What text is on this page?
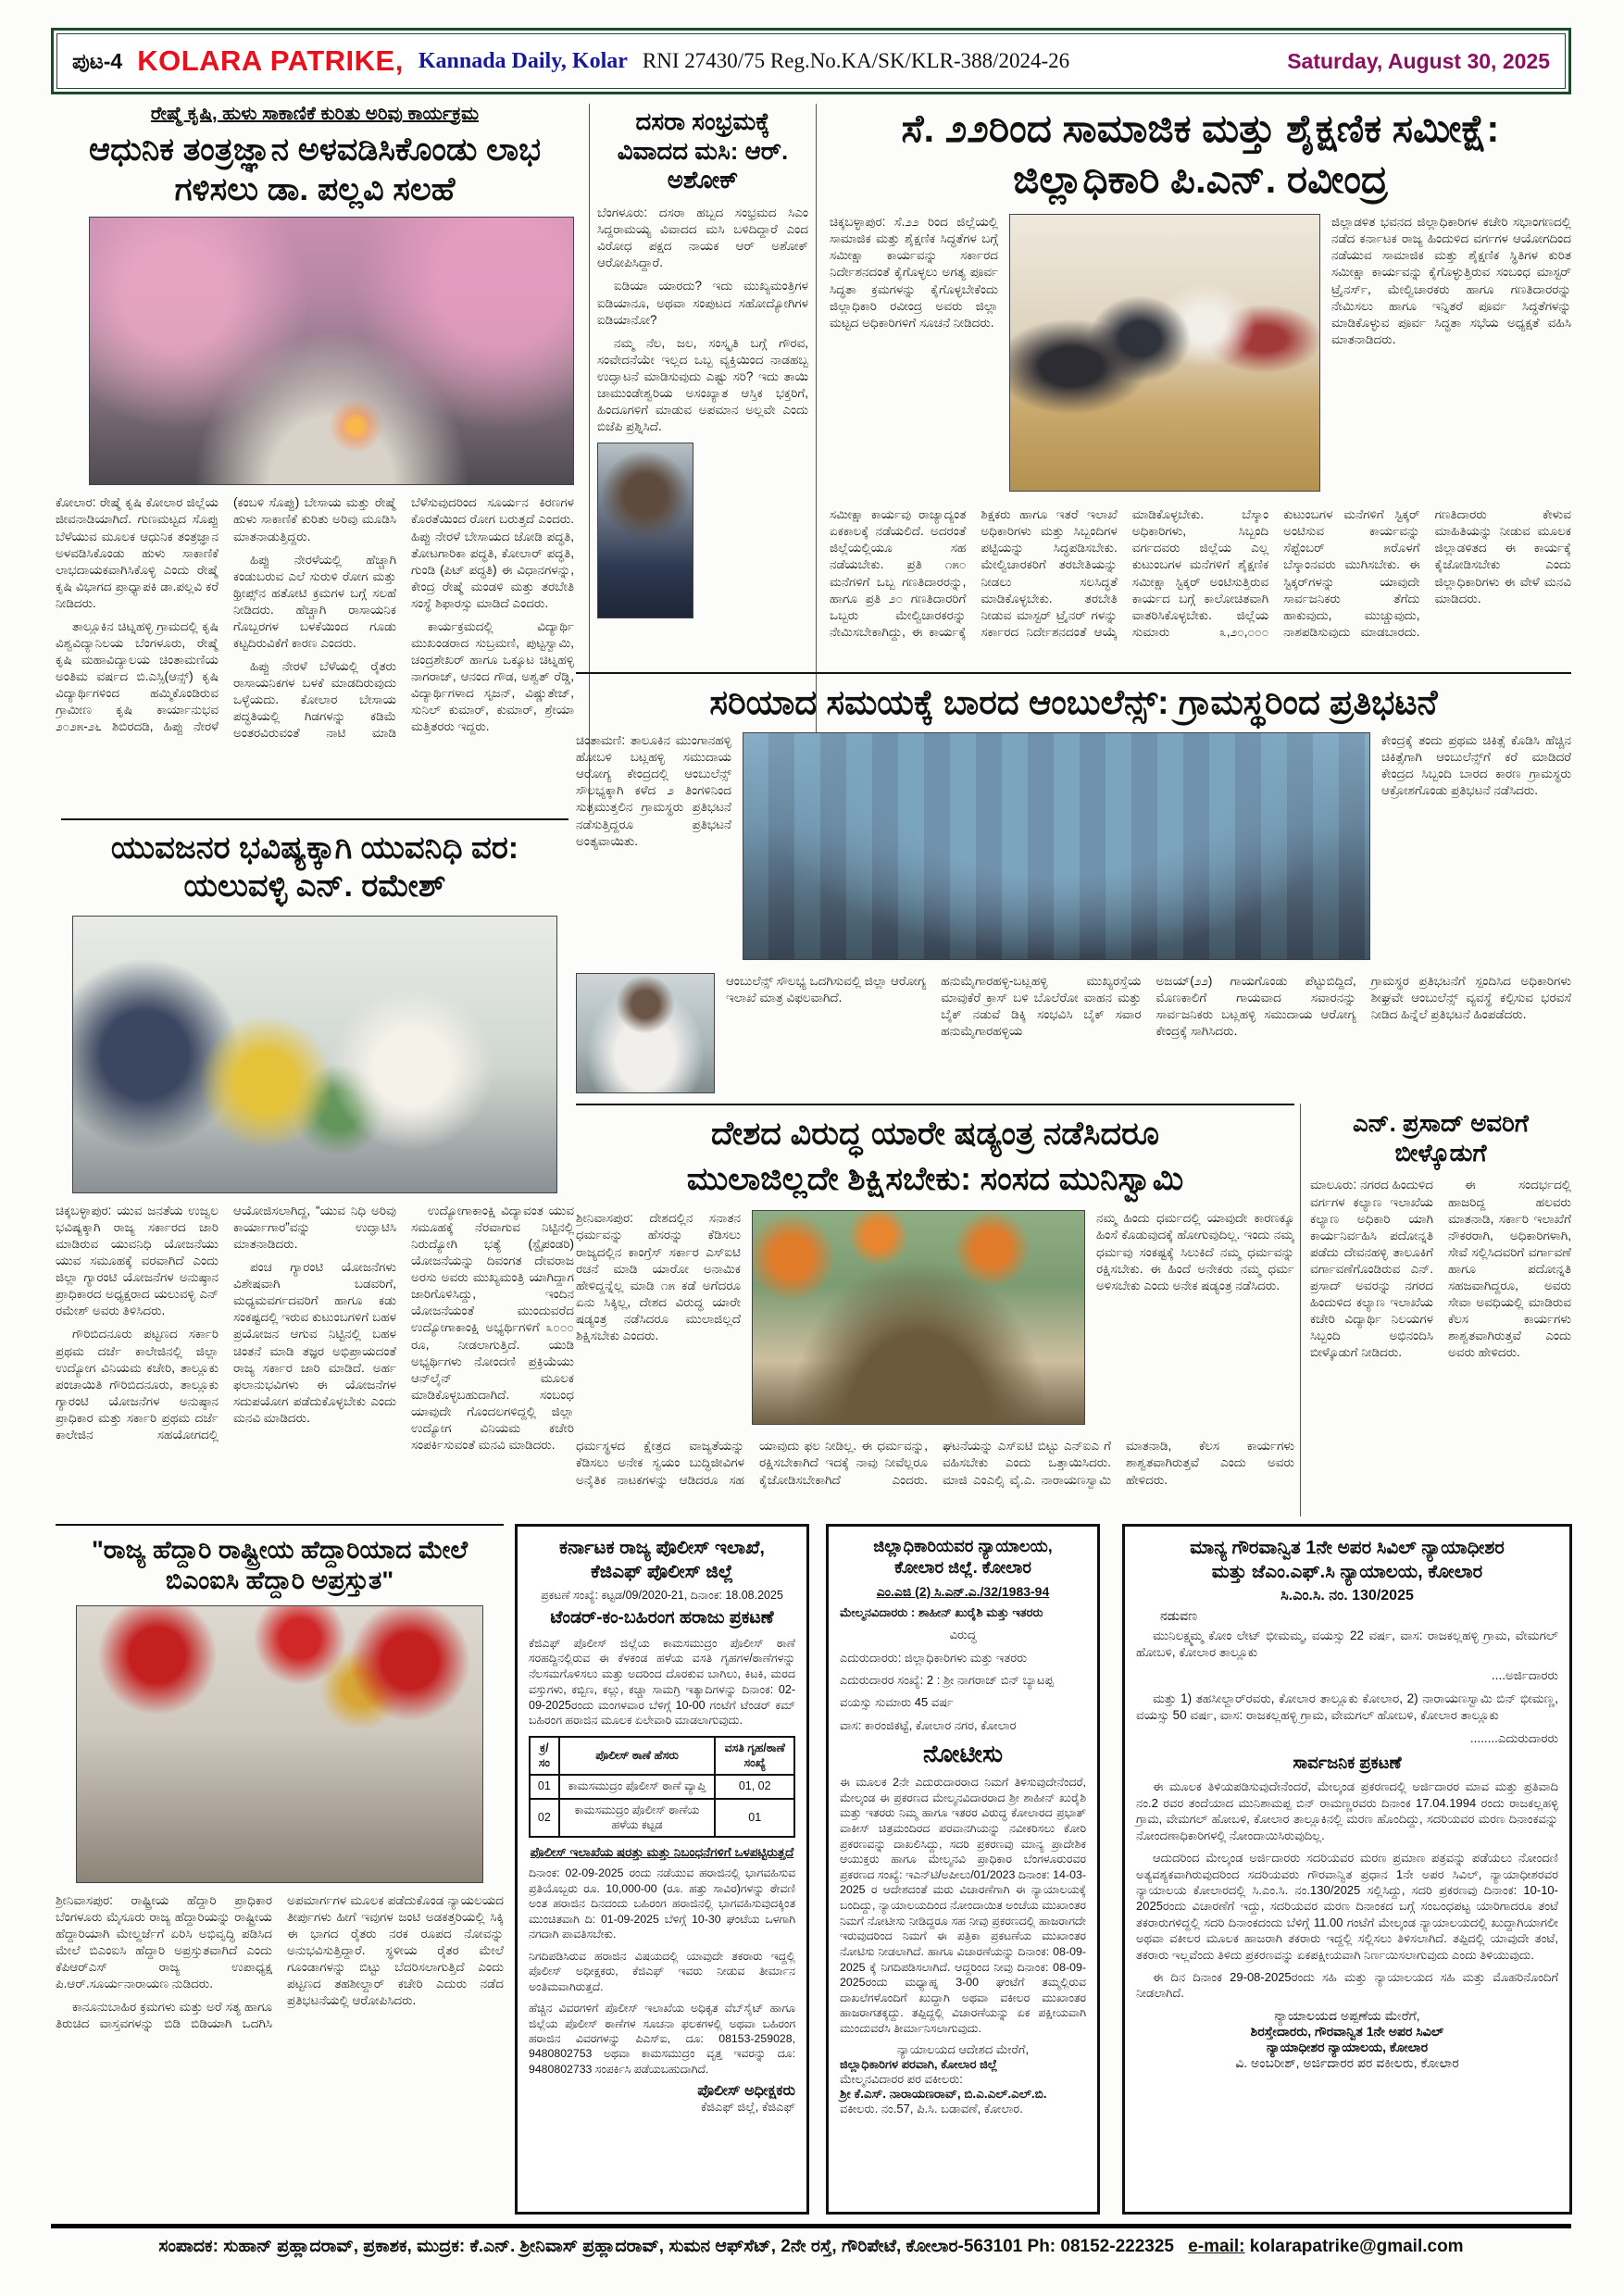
ಪುಟ-4 KOLARA PATRIKE, Kannada Daily, Kolar RNI 27430/75 Reg.No.KA/SK/KLR-388/2024-26	Saturday, August 30, 2025
ರೇಷ್ಮೆ ಕೃಷಿ, ಹುಳು ಸಾಕಾಣಿಕೆ ಕುರಿತು ಅರಿವು ಕಾರ್ಯಕ್ರಮ
ಆಧುನಿಕ ತಂತ್ರಜ್ಞಾನ ಅಳವಡಿಸಿಕೊಂಡು ಲಾಭ ಗಳಿಸಲು ಡಾ. ಪಲ್ಲವಿ ಸಲಹೆ

ಕೋಲಾರ: ರೇಷ್ಮೆ ಕೃಷಿ ಕೋಲಾರ ಜಿಲ್ಲೆಯ ಜೀವನಾಡಿಯಾಗಿದೆ. ಗುಣಮಟ್ಟದ ಸೊಪ್ಪು ಬೆಳೆಯುವ ಮೂಲಕ ಆಧುನಿಕ ತಂತ್ರಜ್ಞಾನ ಅಳವಡಿಸಿಕೊಂಡು ಹುಳು ಸಾಕಾಣಿಕೆ ಲಾಭದಾಯಕವಾಗಿಸಿಕೊಳ್ಳಿ ಎಂದು ರೇಷ್ಮೆ ಕೃಷಿ ವಿಭಾಗದ ಪ್ರಾಧ್ಯಾಪಕಿ ಡಾ.ಪಲ್ಲವಿ ಕರೆ ನೀಡಿದರು.

ತಾಲ್ಲೂಕಿನ ಚಿಟ್ನಹಳ್ಳಿ ಗ್ರಾಮದಲ್ಲಿ ಕೃಷಿ ವಿಶ್ವವಿದ್ಯಾನಿಲಯ ಬೆಂಗಳೂರು, ರೇಷ್ಮೆ ಕೃಷಿ ಮಹಾವಿದ್ಯಾಲಯ ಚಿಂತಾಮಣಿಯ ಅಂತಿಮ ವರ್ಷದ ಬಿ.ಎಸ್ಸಿ(ಆನ್ಸ್) ಕೃಷಿ ವಿದ್ಯಾರ್ಥಿಗಳಿಂದ ಹಮ್ಮಿಕೊಂಡಿರುವ ಗ್ರಾಮೀಣ ಕೃಷಿ ಕಾರ್ಯಾನುಭವ ೨೦೨೫-೨೬ ಶಿಬಿರದಡಿ, ಹಿಪ್ಪು ನೇರಳೆ (ಕಂಬಳಿ ಸೊಪ್ಪು) ಬೇಸಾಯ ಮತ್ತು ರೇಷ್ಮೆ ಹುಳು ಸಾಕಾಣಿಕೆ ಕುರಿತು ಅರಿವು ಮೂಡಿಸಿ ಮಾತನಾಡುತ್ತಿದ್ದರು.

ಹಿಪ್ಪು ನೇರಳೆಯಲ್ಲಿ ಹೆಚ್ಚಾಗಿ ಕಂಡುಬರುವ ಎಲೆ ಸುರುಳಿ ರೋಗ ಮತ್ತು ಥ್ರೀಪ್ಸ್‌ನ ಹತೋಟಿ ಕ್ರಮಗಳ ಬಗ್ಗೆ ಸಲಹೆ ನೀಡಿದರು. ಹೆಚ್ಚಾಗಿ ರಾಸಾಯನಿಕ ಗೊಬ್ಬರಗಳ ಬಳಕೆಯಿಂದ ಗೂಡು ಕಟ್ಟದಿರುವಿಕೆಗೆ ಕಾರಣ ಎಂದರು.

ಹಿಪ್ಪು ನೇರಳೆ ಬೆಳೆಯಲ್ಲಿ ರೈತರು ರಾಸಾಯನಿಕಗಳ ಬಳಕೆ ಮಾಡದಿರುವುದು ಒಳ್ಳೆಯದು. ಕೋಲಾರ ಬೇಸಾಯ ಪದ್ಧತಿಯಲ್ಲಿ ಗಿಡಗಳನ್ನು ಕಡಿಮೆ ಅಂತರವಿರುವಂತೆ ನಾಟಿ ಮಾಡಿ ಬೆಳೆಸುವುದರಿಂದ ಸೂರ್ಯನ ಕಿರಣಗಳ ಕೊರತೆಯಿಂದ ರೋಗ ಬರುತ್ತದೆ ಎಂದರು. ಹಿಪ್ಪು ನೇರಳೆ ಬೇಸಾಯದ ಜೋಡಿ ಪದ್ಧತಿ, ತೋಟಗಾರಿಕಾ ಪದ್ಧತಿ, ಕೋಲಾರ್ ಪದ್ಧತಿ, ಗುಂಡಿ (ಪಿಟ್ ಪದ್ಧತಿ) ಈ ವಿಧಾನಗಳನ್ನು, ಕೇಂದ್ರ ರೇಷ್ಮೆ ಮಂಡಳಿ ಮತ್ತು ತರಬೇತಿ ಸಂಸ್ಥೆ ಶಿಫಾರಸ್ಸು ಮಾಡಿದೆ ಎಂದರು.

ಕಾರ್ಯಕ್ರಮದಲ್ಲಿ ವಿದ್ಯಾರ್ಥಿ ಮುಖಂಡರಾದ ಸುಬ್ರಮಣಿ, ಪುಟ್ಟಸ್ವಾಮಿ, ಚಂದ್ರಶೇಖರ್ ಹಾಗೂ ಒಕ್ಕೂಟ ಚಿಟ್ನಹಳ್ಳಿ ನಾಗರಾಜ್, ಆನಂದ ಗೌಡ, ಅಶ್ವತ್ ರೆಡ್ಡಿ, ವಿದ್ಯಾರ್ಥಿಗಳಾದ ಸೃಜನ್, ವಿಷ್ಣುತೇಜ್, ಸುನಿಲ್ ಕುಮಾರ್, ಕುಮಾರ್, ಶ್ರೇಯಾ ಮತ್ತಿತರರು ಇದ್ದರು.

ದಸರಾ ಸಂಭ್ರಮಕ್ಕೆ ವಿವಾದದ ಮಸಿ: ಆರ್. ಅಶೋಕ್

ಬೆಂಗಳೂರು: ದಸರಾ ಹಬ್ಬದ ಸಂಭ್ರಮದ ಸಿಎಂ ಸಿದ್ದರಾಮಯ್ಯ ವಿವಾದದ ಮಸಿ ಬಳಿದಿದ್ದಾರೆ ಎಂದ ವಿರೋಧ ಪಕ್ಷದ ನಾಯಕ ಆರ್ ಅಶೋಕ್ ಆರೋಪಿಸಿದ್ದಾರೆ.

ಐಡಿಯಾ ಯಾರದು? ಇದು ಮುಖ್ಯಮಂತ್ರಿಗಳ ಐಡಿಯಾನೂ, ಅಥವಾ ಸಂಪುಟದ ಸಹೋದ್ಯೋಗಿಗಳ ಐಡಿಯಾನೋ?

ನಮ್ಮ ನೆಲ, ಜಲ, ಸಂಸ್ಕೃತಿ ಬಗ್ಗೆ ಗೌರವ, ಸಂವೇದನೆಯೇ ಇಲ್ಲದ ಒಬ್ಬ ವ್ಯಕ್ತಿಯಿಂದ ನಾಡಹಬ್ಬ ಉದ್ಘಾಟನೆ ಮಾಡಿಸುವುದು ಎಷ್ಟು ಸರಿ? ಇದು ತಾಯಿ ಚಾಮುಂಡೇಶ್ವರಿಯ ಅಸಂಖ್ಯಾತ ಆಸ್ತಿಕ ಭಕ್ತರಿಗೆ, ಹಿಂದೂಗಳಿಗೆ ಮಾಡುವ ಅಪಮಾನ ಅಲ್ಲವೇ ಎಂದು ಬಿಜೆಪಿ ಪ್ರಶ್ನಿಸಿದೆ.

ಸೆ. ೨೨ರಿಂದ ಸಾಮಾಜಿಕ ಮತ್ತು ಶೈಕ್ಷಣಿಕ ಸಮೀಕ್ಷೆ: ಜಿಲ್ಲಾಧಿಕಾರಿ ಪಿ.ಎನ್. ರವೀಂದ್ರ
ಚಿಕ್ಕಬಳ್ಳಾಪುರ: ಸೆ.೨೨ ರಿಂದ ಜಿಲ್ಲೆಯಲ್ಲಿ ಸಾಮಾಜಿಕ ಮತ್ತು ಶೈಕ್ಷಣಿಕ ಸಿದ್ಧತೆಗಳ ಬಗ್ಗೆ ಸಮೀಕ್ಷಾ ಕಾರ್ಯವನ್ನು ಸರ್ಕಾರದ ನಿರ್ದೇಶನದಂತೆ ಕೈಗೊಳ್ಳಲು ಅಗತ್ಯ ಪೂರ್ವ ಸಿದ್ಧತಾ ಕ್ರಮಗಳನ್ನು ಕೈಗೊಳ್ಳಬೇಕೆಂದು ಜಿಲ್ಲಾಧಿಕಾರಿ ರವೀಂದ್ರ ಅವರು ಜಿಲ್ಲಾ ಮಟ್ಟದ ಅಧಿಕಾರಿಗಳಿಗೆ ಸೂಚನೆ ನೀಡಿದರು.
ಜಿಲ್ಲಾಡಳಿತ ಭವನದ ಜಿಲ್ಲಾಧಿಕಾರಿಗಳ ಕಚೇರಿ ಸಭಾಂಗಣದಲ್ಲಿ ನಡೆದ ಕರ್ನಾಟಕ ರಾಜ್ಯ ಹಿಂದುಳಿದ ವರ್ಗಗಳ ಆಯೋಗದಿಂದ ನಡೆಯುವ ಸಾಮಾಜಿಕ ಮತ್ತು ಶೈಕ್ಷಣಿಕ ಸ್ಥಿತಿಗಳ ಕುರಿತ ಸಮೀಕ್ಷಾ ಕಾರ್ಯವನ್ನು ಕೈಗೊಳ್ಳುತ್ತಿರುವ ಸಂಬಂಧ ಮಾಸ್ಟರ್ ಟ್ರೈನರ್ಸ್, ಮೇಲ್ವಿಚಾರಕರು ಹಾಗೂ ಗಣತಿದಾರರನ್ನು ನೇಮಿಸಲು ಹಾಗೂ ಇನ್ನಿತರೆ ಪೂರ್ವ ಸಿದ್ಧತೆಗಳನ್ನು ಮಾಡಿಕೊಳ್ಳುವ ಪೂರ್ವ ಸಿದ್ಧತಾ ಸಭೆಯ ಅಧ್ಯಕ್ಷತೆ ವಹಿಸಿ ಮಾತನಾಡಿದರು.
ಸಮೀಕ್ಷಾ ಕಾರ್ಯವು ರಾಜ್ಯಾದ್ಯಂತ ಏಕಕಾಲಕ್ಕೆ ನಡೆಯಲಿದೆ. ಅದರಂತೆ ಜಿಲ್ಲೆಯಲ್ಲಿಯೂ ಸಹ ನಡೆಯಬೇಕು. ಪ್ರತಿ ೧೫೦ ಮನೆಗಳಿಗೆ ಒಬ್ಬ ಗಣತಿದಾರರನ್ನು, ಹಾಗೂ ಪ್ರತಿ ೨೦ ಗಣತಿದಾರರಿಗೆ ಒಬ್ಬರು ಮೇಲ್ವಿಚಾರಕರನ್ನು ನೇಮಿಸಬೇಕಾಗಿದ್ದು, ಈ ಕಾರ್ಯಕ್ಕೆ ಶಿಕ್ಷಕರು ಹಾಗೂ ಇತರೆ ಇಲಾಖೆ ಅಧಿಕಾರಿಗಳು ಮತ್ತು ಸಿಬ್ಬಂದಿಗಳ ಪಟ್ಟಿಯನ್ನು ಸಿದ್ಧಪಡಿಸಬೇಕು. ಮೇಲ್ವಿಚಾರಕರಿಗೆ ತರಬೇತಿಯನ್ನು ನೀಡಲು ಸಲಸಿದ್ಧತೆ ಮಾಡಿಕೊಳ್ಳಬೇಕು. ತರಬೇತಿ ನೀಡುವ ಮಾಸ್ಟರ್ ಟ್ರೈನರ್ ಗಳನ್ನು ಸರ್ಕಾರದ ನಿರ್ದೇಶನದಂತೆ ಆಯ್ಕೆ ಮಾಡಿಕೊಳ್ಳಬೇಕು. ಬೆಸ್ಕಾಂ ಅಧಿಕಾರಿಗಳು, ಸಿಬ್ಬಂದಿ ವರ್ಗದವರು ಜಿಲ್ಲೆಯ ಎಲ್ಲ ಕುಟುಂಬಗಳ ಮನೆಗಳಿಗೆ ಶೈಕ್ಷಣಿಕ ಸಮೀಕ್ಷಾ ಸ್ಟಿಕ್ಕರ್ ಅಂಟಿಸುತ್ತಿರುವ ಕಾರ್ಯದ ಬಗ್ಗೆ ಕಾಲೋಚಿತವಾಗಿ ವಾತರಿಸಿಕೊಳ್ಳಬೇಕು. ಜಿಲ್ಲೆಯ ಸುಮಾರು ೩,೨೦,೦೦೦ ಕುಟುಂಬಗಳ ಮನೆಗಳಿಗೆ ಸ್ಟಿಕ್ಕರ್ ಅಂಟಿಸುವ ಕಾರ್ಯವನ್ನು ಸೆಪ್ಟೆಂಬರ್ ೫ರೊಳಗೆ ಬೆಸ್ಕಾಂನವರು ಮುಗಿಸಬೇಕು. ಈ ಸ್ಟಿಕ್ಕರ್‌ಗಳನ್ನು ಯಾವುದೇ ಸಾರ್ವಜನಿಕರು ತೆಗೆದು ಹಾಕುವುದು, ಮುಚ್ಚುವುದು, ನಾಶಪಡಿಸುವುದು ಮಾಡಬಾರದು. ಗಣತಿದಾರರು ಕೇಳುವ ಮಾಹಿತಿಯನ್ನು ನೀಡುವ ಮೂಲಕ ಜಿಲ್ಲಾಡಳಿತದ ಈ ಕಾರ್ಯಕ್ಕೆ ಕೈಜೋಡಿಸಬೇಕು ಎಂದು ಜಿಲ್ಲಾಧಿಕಾರಿಗಳು ಈ ವೇಳೆ ಮನವಿ ಮಾಡಿದರು.
ಸರಿಯಾದ ಸಮಯಕ್ಕೆ ಬಾರದ ಆಂಬುಲೆನ್ಸ್: ಗ್ರಾಮಸ್ಥರಿಂದ ಪ್ರತಿಭಟನೆ
ಚಿಂತಾಮಣಿ: ತಾಲೂಕಿನ ಮುಂಗಾನಹಳ್ಳಿ ಹೋಬಳಿ ಬಟ್ಲಹಳ್ಳಿ ಸಮುದಾಯ ಆರೋಗ್ಯ ಕೇಂದ್ರದಲ್ಲಿ ಆಂಬುಲೆನ್ಸ್ ಸೌಲಭ್ಯಕ್ಕಾಗಿ ಕಳೆದ ೨ ತಿಂಗಳಿನಿಂದ ಸುತ್ತಮುತ್ತಲಿನ ಗ್ರಾಮಸ್ಥರು ಪ್ರತಿಭಟನೆ ನಡೆಸುತ್ತಿದ್ದರೂ ಪ್ರತಿಭಟನೆ ಅಂತ್ಯವಾಯಿತು.
ಕೇಂದ್ರಕ್ಕೆ ತಂದು ಪ್ರಥಮ ಚಿಕಿತ್ಸೆ ಕೊಡಿಸಿ ಹೆಚ್ಚಿನ ಚಿಕಿತ್ಸೆಗಾಗಿ ಆಂಬುಲೆನ್ಸ್‌ಗೆ ಕರೆ ಮಾಡಿದರೆ ಕೇಂದ್ರದ ಸಿಬ್ಬಂದಿ ಬಾರದ ಕಾರಣ ಗ್ರಾಮಸ್ಥರು ಆಕ್ರೋಶಗೊಂಡು ಪ್ರತಿಭಟನೆ ನಡೆಸಿದರು.

ಆಂಬುಲೆನ್ಸ್ ಸೌಲಭ್ಯ ಒದಗಿಸುವಲ್ಲಿ ಜಿಲ್ಲಾ ಆರೋಗ್ಯ ಇಲಾಖೆ ಮಾತ್ರ ವಿಫಲವಾಗಿದೆ.

ಹನುಮೈಗಾರಹಳ್ಳಿ-ಬಟ್ಲಹಳ್ಳಿ ಮುಖ್ಯರಸ್ತೆಯ ಮಾವುಕೆರೆ ಕ್ರಾಸ್ ಬಳಿ ಬೊಲೆರೋ ವಾಹನ ಮತ್ತು ಬೈಕ್ ನಡುವೆ ಡಿಕ್ಕಿ ಸಂಭವಿಸಿ ಬೈಕ್ ಸವಾರ ಹನುಮೈಗಾರಹಳ್ಳಿಯ

ಅಜಯ್(೨೨) ಗಾಯಗೊಂಡು ಪೆಟ್ಟುಬಿದ್ದಿದೆ, ಮೊಣಕಾಲಿಗೆ ಗಾಯವಾದ ಸವಾರನನ್ನು ಸಾರ್ವಜನಿಕರು ಬಟ್ಲಹಳ್ಳಿ ಸಮುದಾಯ ಆರೋಗ್ಯ ಕೇಂದ್ರಕ್ಕೆ ಸಾಗಿಸಿದರು.

ಗ್ರಾಮಸ್ಥರ ಪ್ರತಿಭಟನೆಗೆ ಸ್ಪಂದಿಸಿದ ಅಧಿಕಾರಿಗಳು ಶೀಘ್ರವೇ ಆಂಬುಲೆನ್ಸ್ ವ್ಯವಸ್ಥೆ ಕಲ್ಪಿಸುವ ಭರವಸೆ ನೀಡಿದ ಹಿನ್ನೆಲೆ ಪ್ರತಿಭಟನೆ ಹಿಂಪಡೆದರು.

ಯುವಜನರ ಭವಿಷ್ಯಕ್ಕಾಗಿ ಯುವನಿಧಿ ವರ: ಯಲುವಳ್ಳಿ ಎನ್. ರಮೇಶ್

ಚಿಕ್ಕಬಳ್ಳಾಪುರ: ಯುವ ಜನತೆಯ ಉಜ್ವಲ ಭವಿಷ್ಯಕ್ಕಾಗಿ ರಾಜ್ಯ ಸರ್ಕಾರದ ಜಾರಿ ಮಾಡಿರುವ ಯುವನಿಧಿ ಯೋಜನೆಯು ಯುವ ಸಮೂಹಕ್ಕೆ ವರವಾಗಿದೆ ಎಂದು ಜಿಲ್ಲಾ ಗ್ಯಾರಂಟಿ ಯೋಜನೆಗಳ ಅನುಷ್ಠಾನ ಪ್ರಾಧಿಕಾರದ ಅಧ್ಯಕ್ಷರಾದ ಯಲುವಳ್ಳಿ ಎನ್ ರಮೇಶ್ ಅವರು ತಿಳಿಸಿದರು.

ಗೌರಿಬಿದನೂರು ಪಟ್ಟಣದ ಸರ್ಕಾರಿ ಪ್ರಥಮ ದರ್ಜೆ ಕಾಲೇಜಿನಲ್ಲಿ ಜಿಲ್ಲಾ ಉದ್ಯೋಗ ವಿನಿಯಮ ಕಚೇರಿ, ತಾಲ್ಲೂಕು ಪಂಚಾಯಿತಿ ಗೌರಿಬಿದನೂರು, ತಾಲ್ಲೂಕು ಗ್ಯಾರಂಟಿ ಯೋಜನೆಗಳ ಅನುಷ್ಠಾನ ಪ್ರಾಧಿಕಾರ ಮತ್ತು ಸರ್ಕಾರಿ ಪ್ರಥಮ ದರ್ಜೆ ಕಾಲೇಜಿನ ಸಹಯೋಗದಲ್ಲಿ ಆಯೋಜಿಸಲಾಗಿದ್ದ, “ಯುವ ನಿಧಿ ಅರಿವು ಕಾರ್ಯಾಗಾರ”ವನ್ನು ಉದ್ಘಾಟಿಸಿ ಮಾತನಾಡಿದರು.

ಪಂಚ ಗ್ಯಾರಂಟಿ ಯೋಜನೆಗಳು ವಿಶೇಷವಾಗಿ ಬಡವರಿಗೆ, ಮಧ್ಯಮವರ್ಗದವರಿಗೆ ಹಾಗೂ ಕಡು ಸಂಕಷ್ಟದಲ್ಲಿ ಇರುವ ಕುಟುಂಬಗಳಿಗೆ ಬಹಳ ಪ್ರಯೋಜನ ಆಗುವ ನಿಟ್ಟಿನಲ್ಲಿ ಬಹಳ ಚಿಂತನೆ ಮಾಡಿ ತಜ್ಞರ ಅಭಿಪ್ರಾಯದಂತೆ ರಾಜ್ಯ ಸರ್ಕಾರ ಜಾರಿ ಮಾಡಿದೆ. ಅರ್ಹ ಫಲಾನುಭವಿಗಳು ಈ ಯೋಜನೆಗಳ ಸದುಪಯೋಗ ಪಡೆದುಕೊಳ್ಳಬೇಕು ಎಂದು ಮನವಿ ಮಾಡಿದರು.

ಉದ್ಯೋಗಾಕಾಂಕ್ಷಿ ವಿದ್ಯಾವಂತ ಯುವ ಸಮೂಹಕ್ಕೆ ನೆರವಾಗುವ ನಿಟ್ಟಿನಲ್ಲಿ ನಿರುದ್ಯೋಗಿ ಭತ್ಯೆ (ಸ್ಟೈಪಂಡರಿ) ಯೋಜನೆಯನ್ನು ದಿವಂಗತ ದೇವರಾಜ ಅರಸು ಅವರು ಮುಖ್ಯಮಂತ್ರಿ ಯಾಗಿದ್ದಾಗ ಜಾರಿಗೊಳಿಸಿದ್ದು, ಇಂದಿನ ಯೋಜನೆಯಂತೆ ಮುಂದುವರೆದ ಉದ್ಯೋಗಾಕಾಂಕ್ಷಿ ಅಭ್ಯರ್ಥಿಗಳಿಗೆ ೩೦೦೦ ರೂ, ನೀಡಲಾಗುತ್ತಿದೆ. ಯುಡಿ ಅಭ್ಯರ್ಥಿಗಳು ನೋಂದಣಿ ಪ್ರಕ್ರಿಯೆಯು ಆನ್‌ಲೈನ್ ಮೂಲಕ ಮಾಡಿಕೊಳ್ಳಬಹುದಾಗಿದೆ. ಸಂಬಂಧ ಯಾವುದೇ ಗೊಂದಲಗಳಿದ್ದಲ್ಲಿ ಜಿಲ್ಲಾ ಉದ್ಯೋಗ ವಿನಿಯಮ ಕಚೇರಿ ಸಂಪರ್ಕಿಸುವಂತೆ ಮನವಿ ಮಾಡಿದರು.

ದೇಶದ ವಿರುದ್ಧ ಯಾರೇ ಷಡ್ಯಂತ್ರ ನಡೆಸಿದರೂ
ಮುಲಾಜಿಲ್ಲದೇ ಶಿಕ್ಷಿಸಬೇಕು: ಸಂಸದ ಮುನಿಸ್ವಾಮಿ
ಶ್ರೀನಿವಾಸಪುರ: ದೇಶದಲ್ಲಿನ ಸನಾತನ ಧರ್ಮವನ್ನು ಹೆಸರನ್ನು ಕೆಡಿಸಲು ರಾಜ್ಯದಲ್ಲಿನ ಕಾಂಗ್ರೆಸ್ ಸರ್ಕಾರ ಎಸ್‌ಐಟಿ ರಚನೆ ಮಾಡಿ ಯಾರೋ ಅನಾಮಿಕ ಹೇಳಿದ್ದನ್ನೆಲ್ಲ ಮಾಡಿ ೧೫ ಕಡೆ ಅಗೆದರೂ ಏನು ಸಿಕ್ಕಿಲ್ಲ, ದೇಶದ ವಿರುದ್ಧ ಯಾರೇ ಷಡ್ಯಂತ್ರ ನಡೆಸಿದರೂ ಮುಲಾಜಿಲ್ಲದೆ ಶಿಕ್ಷಿಸಬೇಕು ಎಂದರು.
ನಮ್ಮ ಹಿಂದು ಧರ್ಮದಲ್ಲಿ ಯಾವುದೇ ಕಾರಣಕ್ಕೂ ಹಿಂಸೆ ಕೊಡುವುದಕ್ಕೆ ಹೋಗುವುದಿಲ್ಲ. ಇಂದು ನಮ್ಮ ಧರ್ಮವು ಸಂಕಷ್ಟಕ್ಕೆ ಸಿಲುಕಿದೆ ನಮ್ಮ ಧರ್ಮವನ್ನು ರಕ್ಷಿಸಬೇಕು. ಈ ಹಿಂದೆ ಅನೇಕರು ನಮ್ಮ ಧರ್ಮ ಅಳಿಸಬೇಕು ಎಂದು ಅನೇಕ ಷಡ್ಯಂತ್ರ ನಡೆಸಿದರು.
ಧರ್ಮಸ್ಥಳದ ಕ್ಷೇತ್ರದ ವಾಜ್ಯತೆಯನ್ನು ಕೆಡಿಸಲು ಅನೇಕ ಸ್ವಯಂ ಬುದ್ಧಿಜೀವಿಗಳ ಅನೈತಿಕ ನಾಟಕಗಳನ್ನು ಆಡಿದರೂ ಸಹ ಯಾವುದು ಫಲ ನೀಡಿಲ್ಲ. ಈ ಧರ್ಮವನ್ನು, ರಕ್ಷಿಸಬೇಕಾಗಿದೆ ಇದಕ್ಕೆ ನಾವು ನೀವೆಲ್ಲರೂ ಕೈಜೋಡಿಸಬೇಕಾಗಿದೆ ಎಂದರು. ಘಟನೆಯನ್ನು ಎಸ್‌ಐಟಿ ಬಿಟ್ಟು ಎನ್‌ಐಎ ಗೆ ವಹಿಸಬೇಕು ಎಂದು ಒತ್ತಾಯಿಸಿದರು. ಮಾಜಿ ಎಂಎಲ್ಸಿ ವೈ.ಎ. ನಾರಾಯಣಸ್ವಾಮಿ ಮಾತನಾಡಿ, ಕೆಲಸ ಕಾರ್ಯಗಳು ಶಾಶ್ವತವಾಗಿರುತ್ತವೆ ಎಂದು ಅವರು ಹೇಳಿದರು.
ಎನ್. ಪ್ರಸಾದ್ ಅವರಿಗೆ ಬೀಳ್ಕೊಡುಗೆ

ಮಾಲೂರು: ನಗರದ ಹಿಂದುಳಿದ ವರ್ಗಗಳ ಕಲ್ಯಾಣ ಇಲಾಖೆಯ ಕಲ್ಯಾಣ ಅಧಿಕಾರಿ ಯಾಗಿ ಕಾರ್ಯನಿರ್ವಹಿಸಿ ಪದೋನ್ನತಿ ಪಡೆದು ದೇವನಹಳ್ಳಿ ತಾಲೂಕಿಗೆ ವರ್ಗಾವಣೆಗೊಂಡಿರುವ ಎನ್. ಪ್ರಸಾದ್ ಅವರನ್ನು ನಗರದ ಹಿಂದುಳಿದ ಕಲ್ಯಾಣ ಇಲಾಖೆಯ ಕಚೇರಿ ವಿದ್ಯಾರ್ಥಿ ನಿಲಯಗಳ ಸಿಬ್ಬಂದಿ ಅಭಿನಂದಿಸಿ ಬೀಳ್ಕೊಡುಗೆ ನೀಡಿದರು.

ಈ ಸಂದರ್ಭದಲ್ಲಿ ಹಾಜರಿದ್ದ ಹಲವರು ಮಾತನಾಡಿ, ಸರ್ಕಾರಿ ಇಲಾಖೆಗೆ ನೌಕರರಾಗಿ, ಅಧಿಕಾರಿಗಳಾಗಿ, ಸೇವೆ ಸಲ್ಲಿಸಿದವರಿಗೆ ವರ್ಗಾವಣೆ ಹಾಗೂ ಪದೋನ್ನತಿ ಸಹಜವಾಗಿದ್ದರೂ, ಅವರು ಸೇವಾ ಅವಧಿಯಲ್ಲಿ ಮಾಡಿರುವ ಕೆಲಸ ಕಾರ್ಯಗಳು ಶಾಶ್ವತವಾಗಿರುತ್ತವೆ ಎಂದು ಅವರು ಹೇಳಿದರು.

"ರಾಜ್ಯ ಹೆದ್ದಾರಿ ರಾಷ್ಟ್ರೀಯ ಹೆದ್ದಾರಿಯಾದ ಮೇಲೆ ಬಿಎಂಐಸಿ ಹೆದ್ದಾರಿ ಅಪ್ರಸ್ತುತ"

ಶ್ರೀನಿವಾಸಪುರ: ರಾಷ್ಟ್ರೀಯ ಹೆದ್ದಾರಿ ಪ್ರಾಧಿಕಾರ ಬೆಂಗಳೂರು ಮೈಸೂರು ರಾಜ್ಯ ಹೆದ್ದಾರಿಯನ್ನು ರಾಷ್ಟ್ರೀಯ ಹೆದ್ದಾರಿಯಾಗಿ ಮೇಲ್ದರ್ಜೆಗೆ ಏರಿಸಿ ಅಭಿವೃದ್ಧಿ ಪಡಿಸಿದ ಮೇಲೆ ಬಿಎಂಐಸಿ ಹೆದ್ದಾರಿ ಅಪ್ರಸ್ತುತವಾಗಿದೆ ಎಂದು ಕೆಪಿಆರ್‌ಎಸ್ ರಾಜ್ಯ ಉಪಾಧ್ಯಕ್ಷ ಪಿ.ಆರ್.ಸೂರ್ಯನಾರಾಯಣ ನುಡಿದರು.

ಕಾನೂನುಬಾಹಿರ ಕ್ರಮಗಳು ಮತ್ತು ಅರೆ ಸತ್ಯ ಹಾಗೂ ತಿರುಚಿದ ವಾಸ್ತವಗಳನ್ನು ಬಿಡಿ ಬಿಡಿಯಾಗಿ ಒದಗಿಸಿ ಅಪಮಾರ್ಗಗಳ ಮೂಲಕ ಪಡೆದುಕೊಂಡ ನ್ಯಾಯಲಯದ ತೀರ್ಪುಗಳು ಹೀಗೆ ಇವುಗಳ ಜಂಟಿ ಅಡಕತ್ತರಿಯಲ್ಲಿ ಸಿಕ್ಕಿ ಈ ಭಾಗದ ರೈತರು ನರಕ ರೂಪದ ನೋವನ್ನು ಅನುಭವಿಸುತ್ತಿದ್ದಾರೆ. ಸ್ಥಳೀಯ ರೈತರ ಮೇಲೆ ಗೂಂಡಾಗಳನ್ನು ಬಿಟ್ಟು ಬೆದರಿಸಲಾಗುತ್ತಿದೆ ಎಂದು ಪಟ್ಟಣದ ತಹಶೀಲ್ದಾರ್ ಕಚೇರಿ ಎದುರು ನಡೆದ ಪ್ರತಿಭಟನೆಯಲ್ಲಿ ಆರೋಪಿಸಿದರು.

ಕರ್ನಾಟಕ ರಾಜ್ಯ ಪೊಲೀಸ್ ಇಲಾಖೆ,
ಕೆಜಿಎಫ್ ಪೊಲೀಸ್ ಜಿಲ್ಲೆ
ಪ್ರಕಟಣೆ ಸಂಖ್ಯೆ: ಕಟ್ಟಡ/09/2020-21, ದಿನಾಂಕ: 18.08.2025
ಟೆಂಡರ್-ಕಂ-ಬಹಿರಂಗ ಹರಾಜು ಪ್ರಕಟಣೆ
ಕೆಜಿಎಫ್ ಪೊಲೀಸ್ ಜಿಲ್ಲೆಯ ಕಾಮಸಮುದ್ರಂ ಪೊಲೀಸ್ ಠಾಣೆ ಸರಹದ್ದಿನಲ್ಲಿರುವ ಈ ಕೆಳಕಂಡ ಹಳೆಯ ವಸತಿ ಗೃಹಗಳ/ಠಾಣೆಗಳನ್ನು ನೆಲಸಮಗೊಳಿಸಲು ಮತ್ತು ಅದರಿಂದ ದೊರಕುವ ಬಾಗಿಲು, ಕಿಟಕಿ, ಮರದ ವಸ್ತುಗಳು, ಕಬ್ಬಿಣ, ಕಲ್ಲು, ಕಚ್ಚಾ ಸಾಮಗ್ರಿ ಇತ್ಯಾದಿಗಳನ್ನು ದಿನಾಂಕ: 02-09-2025ರಂದು ಮಂಗಳವಾರ ಬೆಳಿಗ್ಗೆ 10-00 ಗಂಟೆಗೆ ಟೆಂಡರ್ ಕಮ್ ಬಹಿರಂಗ ಹರಾಜಿನ ಮೂಲಕ ಏಲೇವಾರಿ ಮಾಡಲಾಗುವುದು.
ಕ್ರ/ಸಂ	ಪೊಲೀಸ್ ಠಾಣೆ ಹೆಸರು	ವಸತಿ ಗೃಹ/ಠಾಣೆ ಸಂಖ್ಯೆ
01	ಕಾಮಸಮುದ್ರಂ ಪೊಲೀಸ್ ಠಾಣೆ ವ್ಯಾಪ್ತಿ	01, 02
02	ಕಾಮಸಮುದ್ರಂ ಪೊಲೀಸ್ ಠಾಣೆಯ ಹಳೆಯ ಕಟ್ಟಡ	01
ಪೊಲೀಸ್ ಇಲಾಖೆಯ ಷರತ್ತು ಮತ್ತು ನಿಬಂಧನೆಗಳಿಗೆ ಒಳಪಟ್ಟಿರುತ್ತದೆ

ದಿನಾಂಕ: 02-09-2025 ರಂದು ನಡೆಯುವ ಹರಾಜಿನಲ್ಲಿ ಭಾಗವಹಿಸುವ ಪ್ರತಿಯೊಬ್ಬರು ರೂ. 10,000-00 (ರೂ. ಹತ್ತು ಸಾವಿರ)ಗಳನ್ನು ಠೇವಣಿ ಅಂತ ಹರಾಜಿನ ದಿನದಂದು ಬಹಿರಂಗ ಹರಾಜಿನಲ್ಲಿ ಭಾಗವಹಿಸುವುದಕ್ಕಿಂತ ಮುಂಚಿತವಾಗಿ ದಿ: 01-09-2025 ಬೆಳಿಗ್ಗೆ 10-30 ಘಂಟೆಯ ಒಳಗಾಗಿ ನಗದಾಗಿ ಪಾವತಿಸಬೇಕು.

ನಿಗದಿಪಡಿಸಿರುವ ಹರಾಜಿನ ವಿಷಯದಲ್ಲಿ ಯಾವುದೇ ತಕರಾರು ಇದ್ದಲ್ಲಿ ಪೊಲೀಸ್ ಅಧೀಕ್ಷಕರು, ಕೆಜಿಎಫ್ ಇವರು ನೀಡುವ ತೀರ್ಮಾನ ಅಂತಿಮವಾಗಿರುತ್ತದೆ.

ಹೆಚ್ಚಿನ ವಿವರಗಳಿಗೆ ಪೊಲೀಸ್ ಇಲಾಖೆಯ ಅಧಿಕೃತ ವೆಬ್‌ಸೈಟ್ ಹಾಗೂ ಜಿಲ್ಲೆಯ ಪೊಲೀಸ್ ಠಾಣೆಗಳ ಸೂಚನಾ ಫಲಕಗಳಲ್ಲಿ ಅಥವಾ ಬಹಿರಂಗ ಹರಾಜಿನ ವಿವರಗಳನ್ನು ಪಿಎಸ್‌ಐ, ದೂ: 08153-259028, 9480802753 ಅಥವಾ ಕಾಮಸಮುದ್ರಂ ವೃತ್ತ ಇವರನ್ನು ದೂ: 9480802733 ಸಂಪರ್ಕಿಸಿ ಪಡೆಯಬಹುದಾಗಿದೆ.

ಪೊಲೀಸ್ ಅಧೀಕ್ಷಕರು
ಕೆಜಿಎಫ್ ಜಿಲ್ಲೆ, ಕೆಜಿಎಫ್
ಜಿಲ್ಲಾಧಿಕಾರಿಯವರ ನ್ಯಾಯಾಲಯ,
ಕೋಲಾರ ಜಿಲ್ಲೆ. ಕೋಲಾರ
ಎಂ.ಎಜಿ (2) ಸಿ.ಎನ್.ಎ./32/1983-94

ಮೇಲ್ಮನವಿದಾರರು : ಶಾಹೀನ್ ಖುರೈಶಿ ಮತ್ತು ಇತರರು

ವಿರುದ್ಧ

ಎದುರುದಾರರು: ಜಿಲ್ಲಾಧಿಕಾರಿಗಳು ಮತ್ತು ಇತರರು

ಎದುರುದಾರರ ಸಂಖ್ಯೆ: 2 : ಶ್ರೀ ನಾಗರಾಜ್ ಬಿನ್ ಬ್ಯಾಟಪ್ಪ

ವಯಸ್ಸು ಸುಮಾರು 45 ವರ್ಷ

ವಾಸ: ಕಾರಂಜಿಕಟ್ಟೆ, ಕೋಲಾರ ನಗರ, ಕೋಲಾರ

ನೋಟೀಸು
ಈ ಮೂಲಕ 2ನೇ ಎದುರುದಾರರಾದ ನಿಮಗೆ ತಿಳಿಸುವುದೇನೆಂದರೆ, ಮೇಲ್ಕಂಡ ಈ ಪ್ರಕರಣದ ಮೇಲ್ಮನವಿದಾರರಾದ ಶ್ರೀ ಶಾಹೀನ್ ಖುರೈಶಿ ಮತ್ತು ಇತರರು ನಿಮ್ಮ ಹಾಗೂ ಇತರರ ವಿರುದ್ಧ ಕೋಲಾರದ ಪ್ರಭಾತ್ ವಾಕೀಸ್ ಚಿತ್ರಮಂದಿರದ ಪರವಾನಗಿಯನ್ನು ನವೀಕರಿಸಲು ಕೋರಿ ಪ್ರಕರಣವನ್ನು ದಾಖಲಿಸಿದ್ದು, ಸದರಿ ಪ್ರಕರಣವು ಮಾನ್ಯ ಪ್ರಾದೇಶಿಕ ಆಯುಕ್ತರು ಹಾಗೂ ಮೇಲ್ಮನವಿ ಪ್ರಾಧಿಕಾರ ಬೆಂಗಳೂರುರವರ ಪ್ರಕರಣದ ಸಂಖ್ಯೆ: ಇಎನ್‌ಟಿ/ಅಪೀಲು/01/2023 ದಿನಾಂಕ: 14-03-2025 ರ ಆದೇಶದಂತೆ ಮರು ವಿಚಾರಣೆಗಾಗಿ ಈ ನ್ಯಾಯಾಲಯಕ್ಕೆ ಬಂದಿದ್ದು, ನ್ಯಾಯಾಲಯದಿಂದ ನೋಂದಾಯಿತ ಅಂಚೆಯ ಮುಖಾಂತರ ನಿಮಗೆ ನೋಟೀಸು ನೀಡಿದ್ದರೂ ಸಹ ನೀವು ಪ್ರಕರಣದಲ್ಲಿ ಹಾಜರಾಗದೇ ಇರುವುದರಿಂದ ನಿಮಗೆ ಈ ಪತ್ರಿಕಾ ಪ್ರಕಟಣೆಯ ಮುಖಾಂತರ ನೋಟಿಸು ನೀಡಲಾಗಿದೆ. ಹಾಗೂ ವಿಚಾರಣೆಯನ್ನು ದಿನಾಂಕ: 08-09-2025 ಕ್ಕೆ ನಿಗದಿಪಡಿಸಲಾಗಿದೆ. ಆದ್ದರಿಂದ ನೀವು ದಿನಾಂಕ: 08-09-2025ರಂದು ಮಧ್ಯಾಹ್ನ 3-00 ಘಂಟೆಗೆ ತಮ್ಮಲ್ಲಿರುವ ದಾಖಲೆಗಳೊಂದಿಗೆ ಖುದ್ದಾಗಿ ಅಥವಾ ವಕೀಲರ ಮುಖಾಂತರ ಹಾಜರಾಗತಕ್ಕದ್ದು. ತಪ್ಪಿದ್ದಲ್ಲಿ ವಿಚಾರಣೆಯನ್ನು ಏಕ ಪಕ್ಷೀಯವಾಗಿ ಮುಂದುವರೆಸಿ ತೀರ್ಮಾನಿಸಲಾಗುವುದು.
ನ್ಯಾಯಾಲಯದ ಆದೇಶದ ಮೇರೆಗೆ,
ಜಿಲ್ಲಾಧಿಕಾರಿಗಳ ಪರವಾಗಿ, ಕೋಲಾರ ಜಿಲ್ಲೆ
ಮೇಲ್ಮನವಿದಾರರ ಪರ ವಕೀಲರು:
ಶ್ರೀ ಕೆ.ಎಸ್. ನಾರಾಯಣರಾವ್, ಬಿ.ಎ.ಎಲ್.ಎಲ್.ಬಿ.
ವಕೀಲರು. ನಂ.57, ಪಿ.ಸಿ. ಬಡಾವಣೆ, ಕೋಲಾರ.
ಮಾನ್ಯ ಗೌರವಾನ್ವಿತ 1ನೇ ಅಪರ ಸಿವಿಲ್ ನ್ಯಾಯಾಧೀಶರ
ಮತ್ತು ಜೆಎಂ.ಎಫ್.ಸಿ ನ್ಯಾಯಾಲಯ, ಕೋಲಾರ
ಸಿ.ಎಂ.ಸಿ. ನಂ. 130/2025
ನಡುವಣ

ಮುನಿಲಕ್ಷ್ಮಮ್ಮ ಕೋಂ ಲೇಟ್ ಭೀಮಮ್ಮ, ವಯಸ್ಸು 22 ವರ್ಷ, ವಾಸ: ರಾಜಕಲ್ಲಹಳ್ಳಿ ಗ್ರಾಮ, ವೇಮಗಲ್ ಹೋಬಳಿ, ಕೋಲಾರ ತಾಲ್ಲೂಕು

....ಅರ್ಜಿದಾರರು

ಮತ್ತು 1) ತಹಸೀಲ್ದಾರ್‌ರವರು, ಕೋಲಾರ ತಾಲ್ಲೂಕು ಕೋಲಾರ, 2) ನಾರಾಯಣಸ್ವಾಮಿ ಬಿನ್ ಭೀಮಣ್ಣ, ವಯಸ್ಸು 50 ವರ್ಷ, ವಾಸ: ರಾಜಕಲ್ಲಹಳ್ಳಿ ಗ್ರಾಮ, ವೇಮಗಲ್ ಹೋಬಳಿ, ಕೋಲಾರ ತಾಲ್ಲೂಕು

........ಎದುರುದಾರರು

ಸಾರ್ವಜನಿಕ ಪ್ರಕಟಣೆ

ಈ ಮೂಲಕ ತಿಳಿಯಪಡಿಸುವುದೇನೆಂದರೆ, ಮೇಲ್ಕಂಡ ಪ್ರಕರಣದಲ್ಲಿ ಅರ್ಜಿದಾರರ ಮಾವ ಮತ್ತು ಪ್ರತಿವಾದಿ ನಂ.2 ರವರ ತಂದೆಯಾದ ಮುನಿಶಾಮಪ್ಪ ಬಿನ್ ರಾಮಣ್ಣರವರು ದಿನಾಂಕ 17.04.1994 ರಂದು ರಾಜಕಲ್ಲಹಳ್ಳಿ ಗ್ರಾಮ, ವೇಮಗಲ್ ಹೋಬಳಿ, ಕೋಲಾರ ತಾಲ್ಲೂಕಿನಲ್ಲಿ ಮರಣ ಹೊಂದಿದ್ದು, ಸದರಿಯವರ ಮರಣ ದಿನಾಂಕವನ್ನು ನೋಂದಣಾಧಿಕಾರಿಗಳಲ್ಲಿ ನೋಂದಾಯಿಸಿರುವುದಿಲ್ಲ.

ಆದುದರಿಂದ ಮೇಲ್ಕಂಡ ಅರ್ಜಿದಾರರು ಸದರಿಯವರ ಮರಣ ಪ್ರಮಾಣ ಪತ್ರವನ್ನು ಪಡೆಯಲು ನೋಂದಣಿ ಅತ್ಯವಶ್ಯಕವಾಗಿರುವುದರಿಂದ ಸದರಿಯವರು ಗೌರವಾನ್ವಿತ ಪ್ರಧಾನ 1ನೇ ಅಪರ ಸಿವಿಲ್, ನ್ಯಾಯಾಧೀಶರವರ ನ್ಯಾಯಾಲಯ ಕೋಲಾರದಲ್ಲಿ ಸಿ.ಎಂ.ಸಿ. ನಂ.130/2025 ಸಲ್ಲಿಸಿದ್ದು, ಸದರಿ ಪ್ರಕರಣವು ದಿನಾಂಕ: 10-10-2025ರಂದು ವಿಚಾರಣೆಗೆ ಇದ್ದು, ಸದರಿಯವರ ಮರಣ ದಿನಾಂಕದ ಬಗ್ಗೆ ಸಂಬಂಧಪಟ್ಟ ಯಾರಿಗಾದರೂ ತಂಟೆ ತಕರಾರುಗಳಿದ್ದಲ್ಲಿ ಸದರಿ ದಿನಾಂಕದಂದು ಬೆಳಿಗ್ಗೆ 11.00 ಗಂಟೆಗೆ ಮೇಲ್ಕಂಡ ನ್ಯಾಯಾಲಯದಲ್ಲಿ ಖುದ್ದಾಗಿಯಾಗಲೀ ಅಥವಾ ವಕೀಲರ ಮೂಲಕ ಹಾಜರಾಗಿ ತಕರಾರು ಇದ್ದಲ್ಲಿ ಸಲ್ಲಿಸಲು ತಿಳಿಸಲಾಗಿದೆ. ತಪ್ಪಿದಲ್ಲಿ ಯಾವುದೇ ತಂಟೆ, ತಕರಾರು ಇಲ್ಲವೆಂದು ತಿಳಿದು ಪ್ರಕರಣವನ್ನು ಏಕಪಕ್ಷೀಯವಾಗಿ ನಿರ್ಣಯಿಸಲಾಗುವುದು ಎಂದು ತಿಳಿಯುವುದು.

ಈ ದಿನ ದಿನಾಂಕ 29-08-2025ರಂದು ಸಹಿ ಮತ್ತು ನ್ಯಾಯಾಲಯದ ಸಹಿ ಮತ್ತು ಮೊಹರಿನೊಂದಿಗೆ ನೀಡಲಾಗಿದೆ.

ನ್ಯಾಯಾಲಯದ ಅಪ್ಪಣೆಯ ಮೇರೆಗೆ,
ಶಿರಸ್ತೇದಾರರು, ಗೌರವಾನ್ವಿತ 1ನೇ ಅಪರ ಸಿವಿಲ್
ನ್ಯಾಯಾಧೀಶರ ನ್ಯಾಯಾಲಯ, ಕೋಲಾರ
ವಿ. ಅಂಬರೀಶ್, ಅರ್ಜಿದಾರರ ಪರ ವಕೀಲರು, ಕೋಲಾರ
ಸಂಪಾದಕ: ಸುಹಾನ್ ಪ್ರಹ್ಲಾದರಾವ್, ಪ್ರಕಾಶಕ, ಮುದ್ರಕ: ಕೆ.ಎನ್. ಶ್ರೀನಿವಾಸ್ ಪ್ರಹ್ಲಾದರಾವ್, ಸುಮನ ಆಫ್‌ಸೆಟ್, 2ನೇ ರಸ್ತೆ, ಗೌರಿಪೇಟೆ, ಕೋಲಾರ-563101 Ph: 08152-222325 e-mail: kolarapatrike@gmail.com
